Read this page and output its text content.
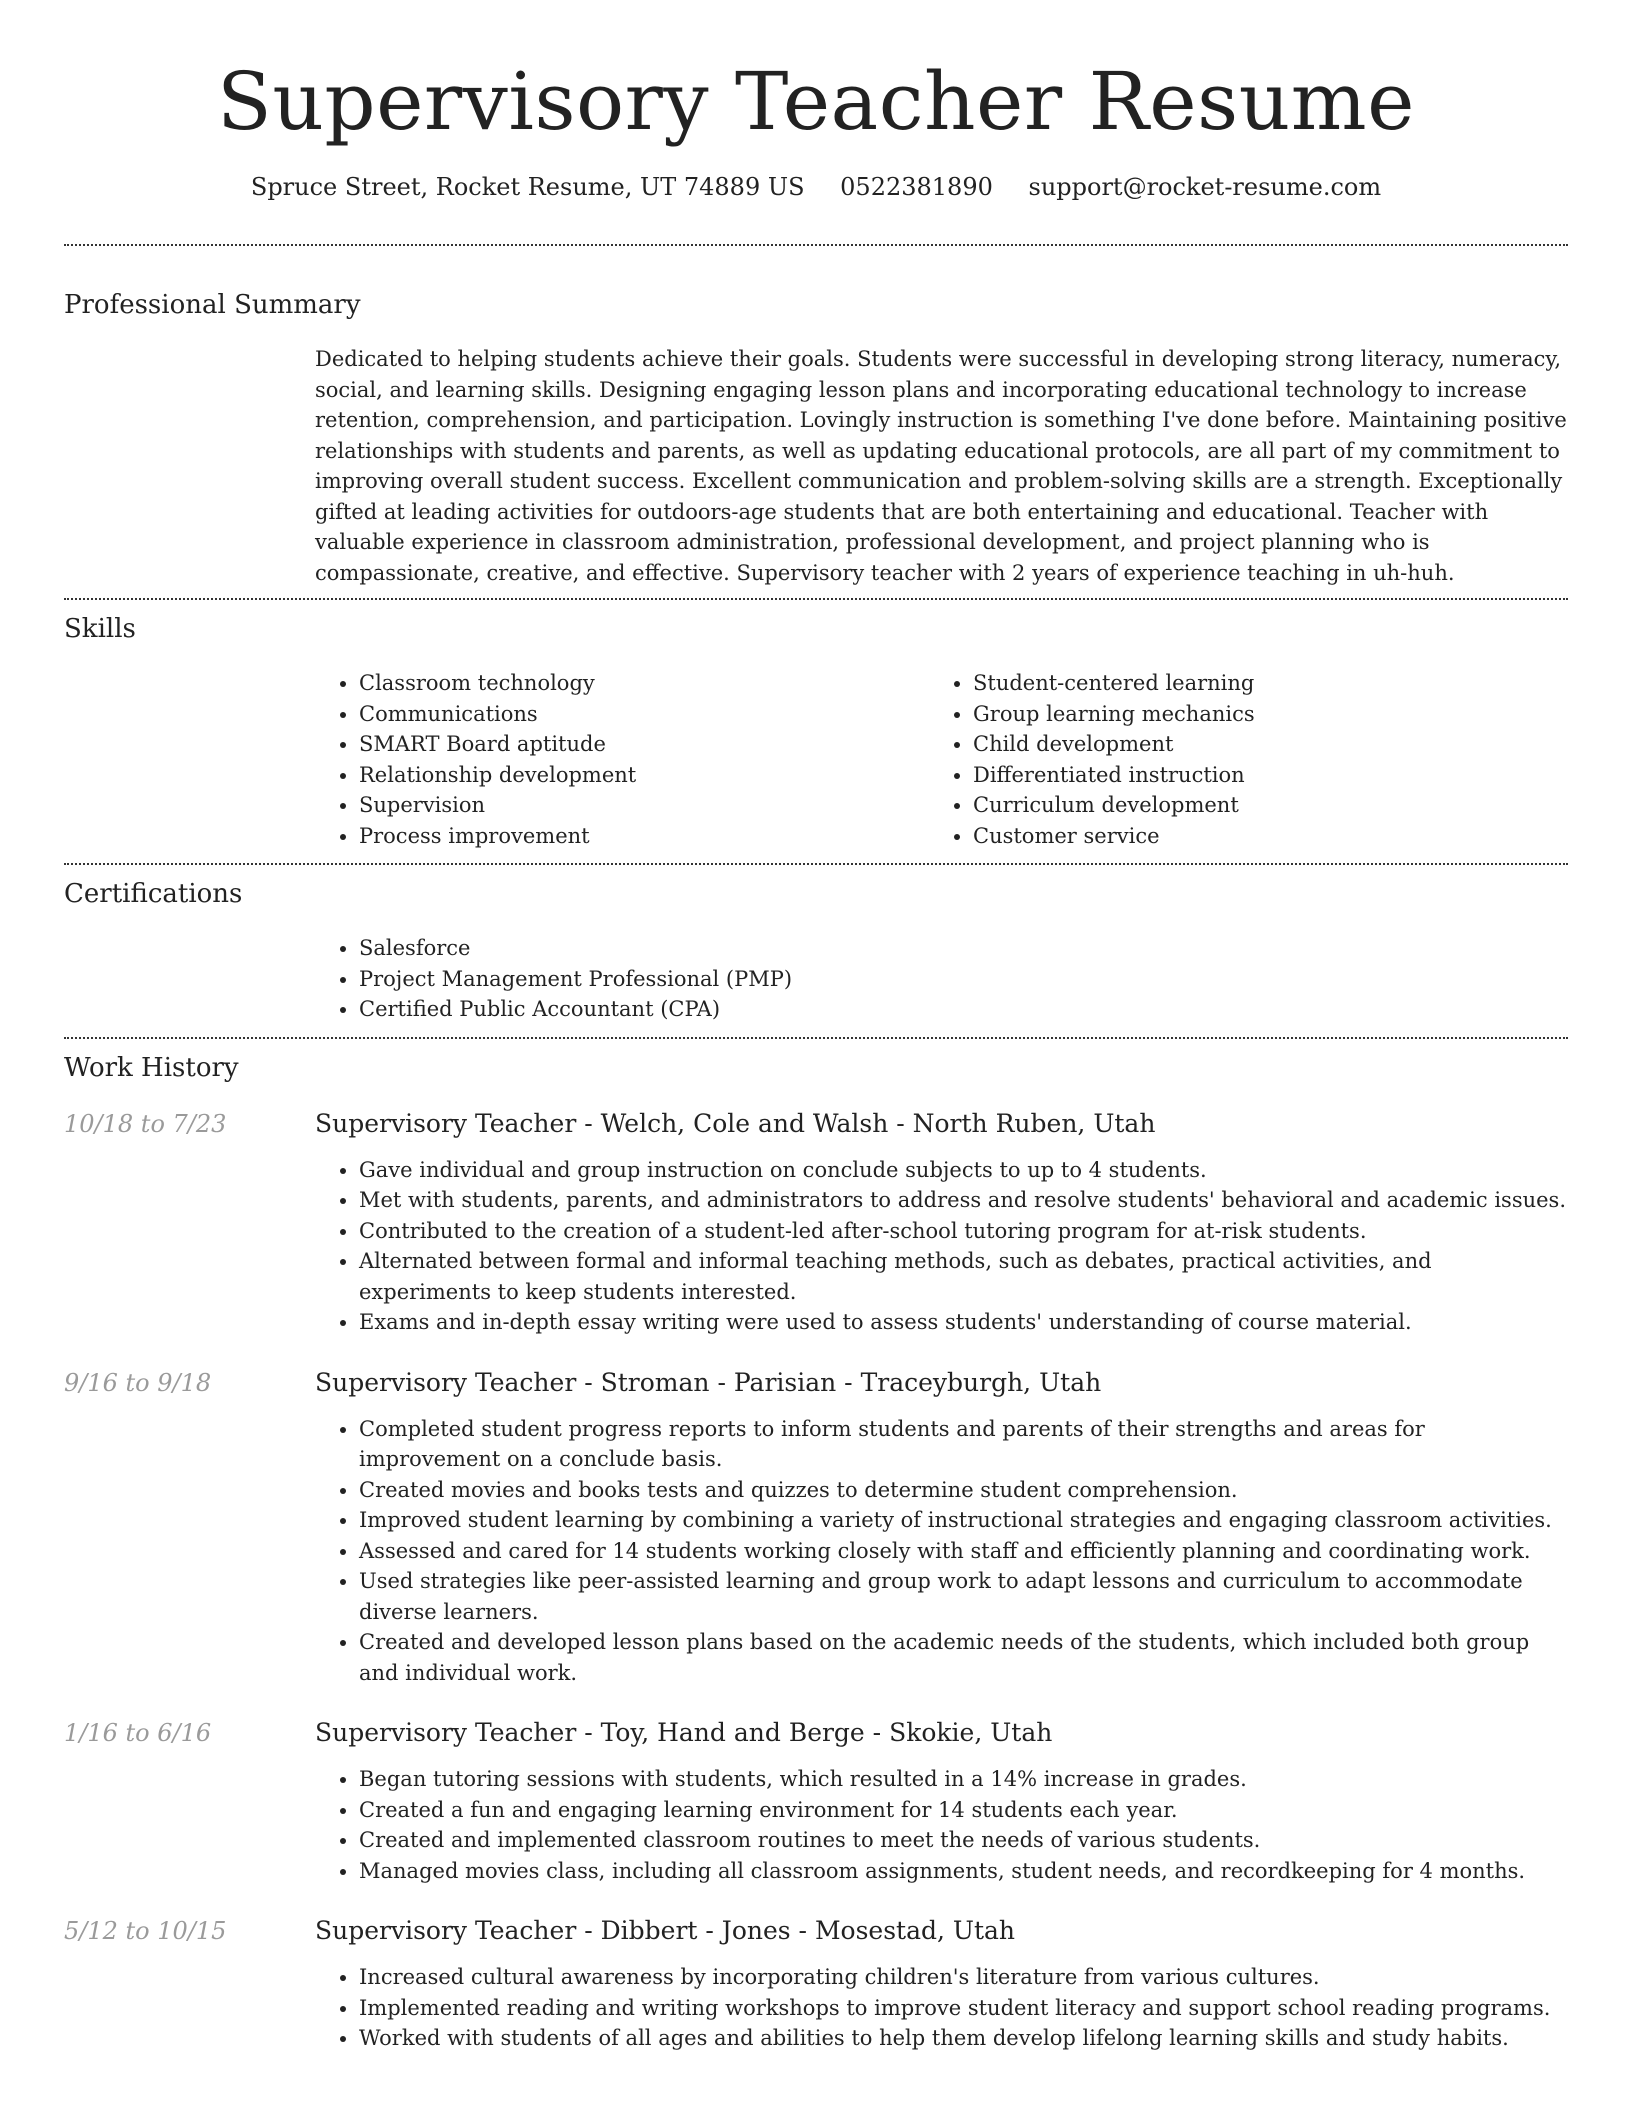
Supervisory Teacher Resume
Spruce Street, Rocket Resume, UT 74889 US 0522381890 support@rocket-resume.com
Professional Summary

Dedicated to helping students achieve their goals. Students were successful in developing strong literacy, numeracy, social, and learning skills. Designing engaging lesson plans and incorporating educational technology to increase retention, comprehension, and participation. Lovingly instruction is something I've done before. Maintaining positive relationships with students and parents, as well as updating educational protocols, are all part of my commitment to improving overall student success. Excellent communication and problem-solving skills are a strength. Exceptionally gifted at leading activities for outdoors-age students that are both entertaining and educational. Teacher with valuable experience in classroom administration, professional development, and project planning who is compassionate, creative, and effective. Supervisory teacher with 2 years of experience teaching in uh-huh.

Skills
• Classroom technology
• Communications
• SMART Board aptitude
• Relationship development
• Supervision
• Process improvement
• Student-centered learning
• Group learning mechanics
• Child development
• Differentiated instruction
• Curriculum development
• Customer service
Certifications
• Salesforce
• Project Management Professional (PMP)
• Certified Public Accountant (CPA)
Work History
10/18 to 7/23	Supervisory Teacher - Welch, Cole and Walsh - North Ruben, Utah
• Gave individual and group instruction on conclude subjects to up to 4 students.
• Met with students, parents, and administrators to address and resolve students' behavioral and academic issues.
• Contributed to the creation of a student-led after-school tutoring program for at-risk students.
• Alternated between formal and informal teaching methods, such as debates, practical activities, and experiments to keep students interested.
• Exams and in-depth essay writing were used to assess students' understanding of course material.
9/16 to 9/18	Supervisory Teacher - Stroman - Parisian - Traceyburgh, Utah
• Completed student progress reports to inform students and parents of their strengths and areas for improvement on a conclude basis.
• Created movies and books tests and quizzes to determine student comprehension.
• Improved student learning by combining a variety of instructional strategies and engaging classroom activities.
• Assessed and cared for 14 students working closely with staff and efficiently planning and coordinating work.
• Used strategies like peer-assisted learning and group work to adapt lessons and curriculum to accommodate diverse learners.
• Created and developed lesson plans based on the academic needs of the students, which included both group and individual work.
1/16 to 6/16	Supervisory Teacher - Toy, Hand and Berge - Skokie, Utah
• Began tutoring sessions with students, which resulted in a 14% increase in grades.
• Created a fun and engaging learning environment for 14 students each year.
• Created and implemented classroom routines to meet the needs of various students.
• Managed movies class, including all classroom assignments, student needs, and recordkeeping for 4 months.
5/12 to 10/15	Supervisory Teacher - Dibbert - Jones - Mosestad, Utah
• Increased cultural awareness by incorporating children's literature from various cultures.
• Implemented reading and writing workshops to improve student literacy and support school reading programs.
• Worked with students of all ages and abilities to help them develop lifelong learning skills and study habits.
